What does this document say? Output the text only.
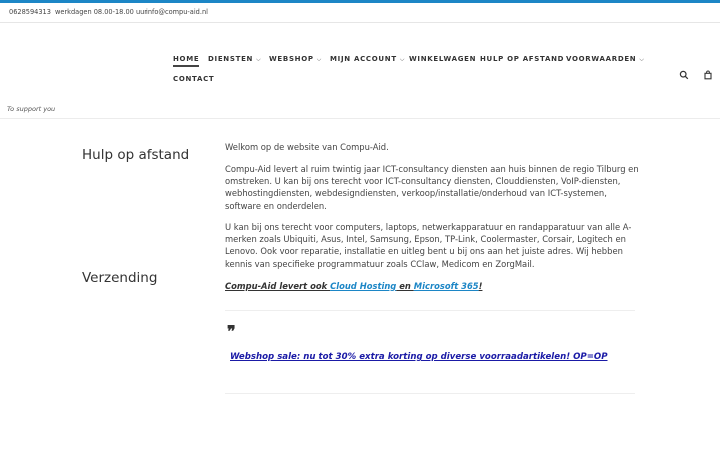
0628594313 werkdagen 08.00-18.00 uur
info@compu-aid.nl
HOME DIENSTEN ⌵ WEBSHOP ⌵ MIJN ACCOUNT ⌵ WINKELWAGEN HULP OP AFSTAND VOORWAARDEN ⌵
CONTACT
To support you
Hulp op afstand
Verzending
Welkom op de website van Compu-Aid.
Compu-Aid levert al ruim twintig jaar ICT-consultancy diensten aan huis binnen de regio Tilburg en omstreken. U kan bij ons terecht voor ICT-consultancy diensten, Clouddiensten, VoIP-diensten, webhostingdiensten, webdesigndiensten, verkoop/installatie/onderhoud van ICT-systemen, software en onderdelen.
U kan bij ons terecht voor computers, laptops, netwerkapparatuur en randapparatuur van alle A-merken zoals Ubiquiti, Asus, Intel, Samsung, Epson, TP-Link, Coolermaster, Corsair, Logitech en Lenovo. Ook voor reparatie, installatie en uitleg bent u bij ons aan het juiste adres. Wij hebben kennis van specifieke programmatuur zoals CClaw, Medicom en ZorgMail.
Compu-Aid levert ook Cloud Hosting en Microsoft 365!
❞
Webshop sale: nu tot 30% extra korting op diverse voorraadartikelen! OP=OP
